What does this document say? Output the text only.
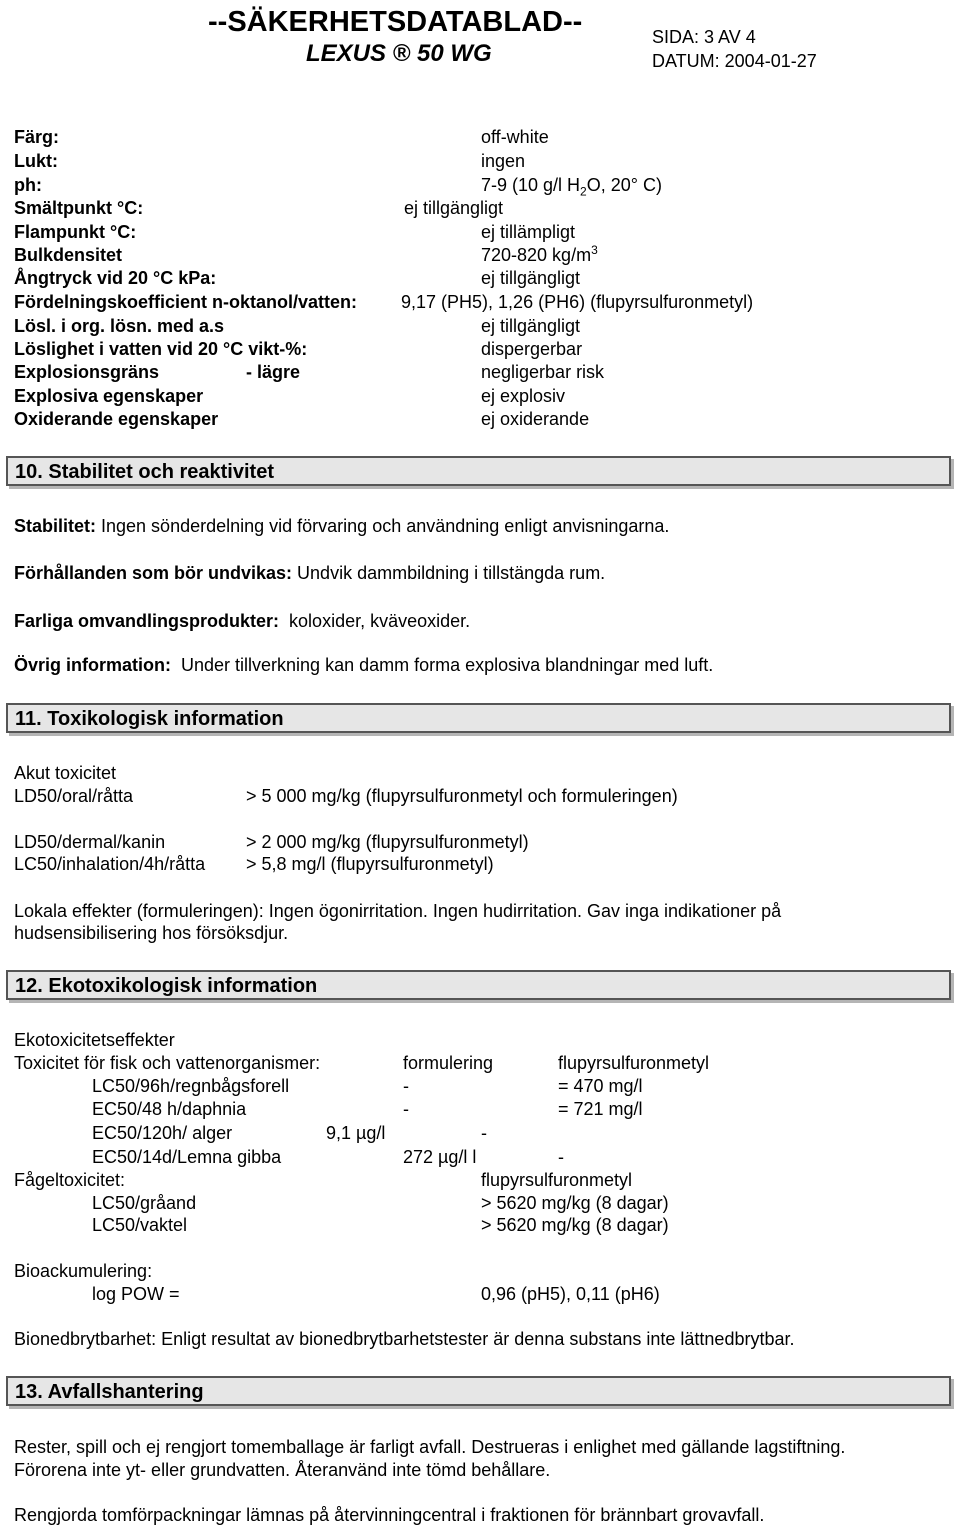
--SÄKERHETSDATABLAD--
LEXUS ® 50 WG
SIDA: 3 AV 4
DATUM: 2004-01-27
Färg:	off-white
Lukt:	ingen
ph:	7-9 (10 g/l $H_2O$, 20° C)
Smältpunkt °C:	ej tillgängligt
Flampunkt °C:	ej tillämpligt
Bulkdensitet	720-820 $kg/m^3$
Ångtryck vid 20 °C kPa:	ej tillgängligt
Fördelningskoefficient n-oktanol/vatten: 9,17 (PH5), 1,26 (PH6) (flupyrsulfuronmetyl)
Lösl. i org. lösn. med a.s	ej tillgängligt
Löslighet i vatten vid 20 °C vikt-%:	dispergerbar
Explosionsgräns	- lägre	negligerbar risk
Explosiva egenskaper	ej explosiv
Oxiderande egenskaper	ej oxiderande
10. Stabilitet och reaktivitet
Stabilitet: Ingen sönderdelning vid förvaring och användning enligt anvisningarna.
Förhållanden som bör undvikas: Undvik dammbildning i tillstängda rum.
Farliga omvandlingsprodukter:  koloxider, kväveoxider.
Övrig information:  Under tillverkning kan damm forma explosiva blandningar med luft.
11. Toxikologisk information
Akut toxicitet
LD50/oral/råtta	> 5 000 mg/kg (flupyrsulfuronmetyl och formuleringen)
LD50/dermal/kanin	> 2 000 mg/kg (flupyrsulfuronmetyl)
LC50/inhalation/4h/råtta > 5,8 mg/l (flupyrsulfuronmetyl)
Lokala effekter (formuleringen): Ingen ögonirritation. Ingen hudirritation. Gav inga indikationer på
hudsensibilisering hos försöksdjur.
12. Ekotoxikologisk information
Ekotoxicitetseffekter
Toxicitet för fisk och vattenorganismer:	formulering	flupyrsulfuronmetyl
LC50/96h/regnbågsforell	-	= 470 mg/l
EC50/48 h/daphnia	-	= 721 mg/l
EC50/120h/ alger	9,1 µg/l	-
EC50/14d/Lemna gibba	272 µg/l l	-
Fågeltoxicitet:	flupyrsulfuronmetyl
LC50/gråand	> 5620 mg/kg (8 dagar)
LC50/vaktel	> 5620 mg/kg (8 dagar)
Bioackumulering:
log POW =	0,96 (pH5), 0,11 (pH6)
Bionedbrytbarhet: Enligt resultat av bionedbrytbarhetstester är denna substans inte lättnedbrytbar.
13. Avfallshantering
Rester, spill och ej rengjort tomemballage är farligt avfall. Destrueras i enlighet med gällande lagstiftning.
Förorena inte yt- eller grundvatten. Återanvänd inte tömd behållare.
Rengjorda tomförpackningar lämnas på återvinningcentral i fraktionen för brännbart grovavfall.
